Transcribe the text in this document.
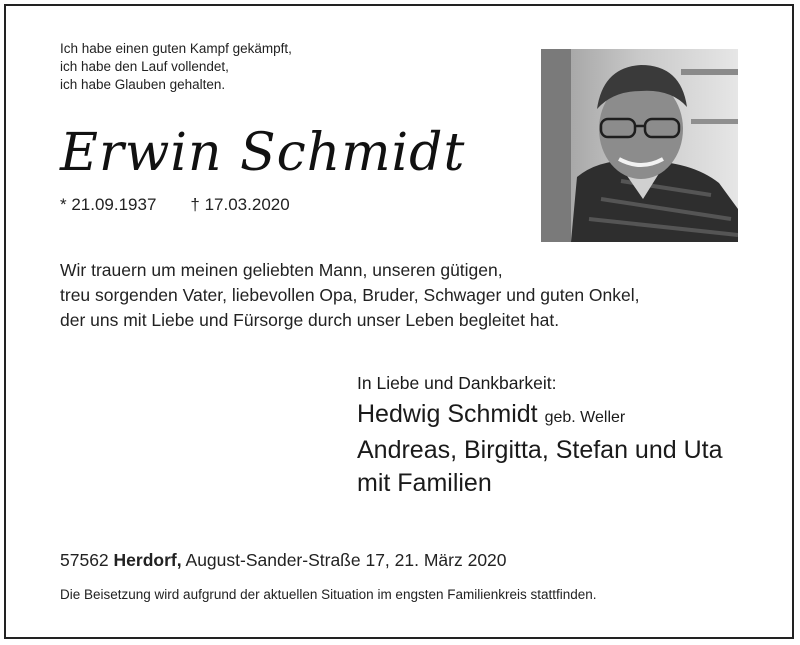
Ich habe einen guten Kampf gekämpft,
ich habe den Lauf vollendet,
ich habe Glauben gehalten.
Erwin Schmidt
* 21.09.1937 † 17.03.2020
Wir trauern um meinen geliebten Mann, unseren gütigen,
treu sorgenden Vater, liebevollen Opa, Bruder, Schwager und guten Onkel,
der uns mit Liebe und Fürsorge durch unser Leben begleitet hat.
In Liebe und Dankbarkeit:
Hedwig Schmidt geb. Weller
Andreas, Birgitta, Stefan und Uta
mit Familien
57562 Herdorf, August-Sander-Straße 17, 21. März 2020
Die Beisetzung wird aufgrund der aktuellen Situation im engsten Familienkreis stattfinden.
